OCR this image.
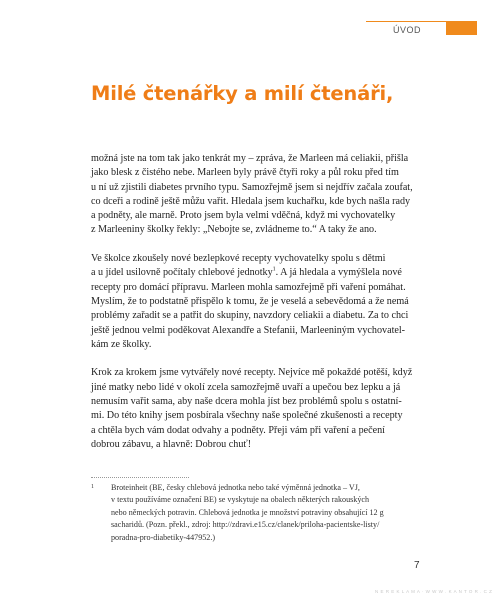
ÚVOD
Milé čtenářky a milí čtenáři,

možná jste na tom tak jako tenkrát my – zpráva, že Marleen má celiakii, přišla
jako blesk z čistého nebe. Marleen byly právě čtyři roky a půl roku před tím
u ní už zjistili diabetes prvního typu. Samozřejmě jsem si nejdřív začala zoufat,
co dceři a rodině ještě můžu vařit. Hledala jsem kuchařku, kde bych našla rady
a podněty, ale marně. Proto jsem byla velmi vděčná, když mi vychovatelky
z Marleeniny školky řekly: „Nebojte se, zvládneme to.“ A taky že ano.

Ve školce zkoušely nové bezlepkové recepty vychovatelky spolu s dětmi
a u jídel usilovně počítaly chlebové jednotky$^1$. A já hledala a vymýšlela nové
recepty pro domácí přípravu. Marleen mohla samozřejmě při vaření pomáhat.
Myslím, že to podstatně přispělo k tomu, že je veselá a sebevědomá a že nemá
problémy zařadit se a patřit do skupiny, navzdory celiakii a diabetu. Za to chci
ještě jednou velmi poděkovat Alexandře a Stefanii, Marleeniným vychovatel-
kám ze školky.

Krok za krokem jsme vytvářely nové recepty. Nejvíce mě pokaždé potěší, když
jiné matky nebo lidé v okolí zcela samozřejmě uvaří a upečou bez lepku a já
nemusím vařit sama, aby naše dcera mohla jíst bez problémů spolu s ostatní-
mi. Do této knihy jsem posbírala všechny naše společné zkušenosti a recepty
a chtěla bych vám dodat odvahy a podněty. Přeji vám při vaření a pečení
dobrou zábavu, a hlavně: Dobrou chuť!

1 Broteinheit (BE, česky chlebová jednotka nebo také výměnná jednotka – VJ,
v textu používáme označení BE) se vyskytuje na obalech některých rakouských
nebo německých potravin. Chlebová jednotka je množství potraviny obsahující 12 g
sacharidů. (Pozn. překl., zdroj: http://zdravi.e15.cz/clanek/priloha-pacientske-listy/
poradna-pro-diabetiky-447952.)
7
N E R E K L A M A · W W W . K A N T O R . C Z
